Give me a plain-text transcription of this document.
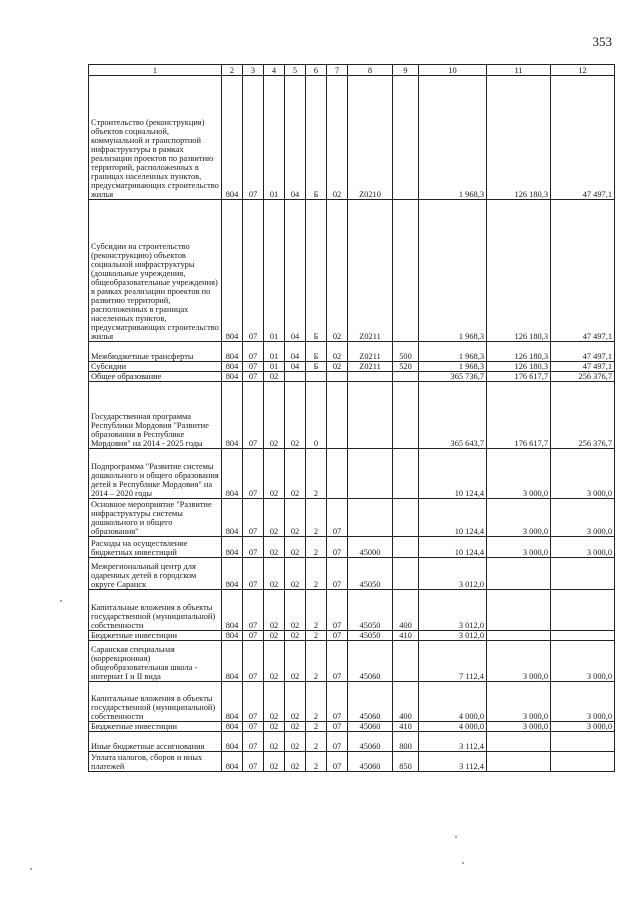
353
1	2	3	4	5	6	7	8	9	10	11	12
Строительство (реконструкция) объектов социальной, коммунальной и транспортной инфраструктуры в рамках реализации проектов по развитию территорий, расположенных в границах населенных пунктов, предусматривающих строительство жилья	804	07	01	04	Б	02	Z0210		1 968,3	126 180,3	47 497,1
Субсидии на строительство (реконструкцию) объектов социальной инфраструктуры (дошкольные учреждения, общеобразовательные учреждения) в рамках реализации проектов по развитию территорий, расположенных в границах населенных пунктов, предусматривающих строительство жилья	804	07	01	04	Б	02	Z0211		1 968,3	126 180,3	47 497,1
Межбюджетные трансферты	804	07	01	04	Б	02	Z0211	500	1 968,3	126 180,3	47 497,1
Субсидии	804	07	01	04	Б	02	Z0211	520	1 968,3	126 180,3	47 497,1
Общее образование	804	07	02						365 736,7	176 617,7	256 376,7
Государственная программа Республики Мордовия "Развитие образования в Республике Мордовия" на 2014 - 2025 годы	804	07	02	02	0				365 643,7	176 617,7	256 376,7
Подпрограмма "Развитие системы дошкольного и общего образования детей в Республике Мордовия" на 2014 – 2020 годы	804	07	02	02	2				10 124,4	3 000,0	3 000,0
Основное мероприятие "Развитие инфраструктуры системы дошкольного и общего образования"	804	07	02	02	2	07			10 124,4	3 000,0	3 000,0
Расходы на осуществление бюджетных инвестиций	804	07	02	02	2	07	45000		10 124,4	3 000,0	3 000,0
Межрегиональный центр для одаренных детей в городском округе Саранск	804	07	02	02	2	07	45050		3 012,0		
Капитальные вложения в объекты государственной (муниципальной) собственности	804	07	02	02	2	07	45050	400	3 012,0		
Бюджетные инвестиции	804	07	02	02	2	07	45050	410	3 012,0		
Саранская специальная (коррекционная) общеобразовательная школа - интернат I и II вида	804	07	02	02	2	07	45060		7 112,4	3 000,0	3 000,0
Капитальные вложения в объекты государственной (муниципальной) собственности	804	07	02	02	2	07	45060	400	4 000,0	3 000,0	3 000,0
Бюджетные инвестиции	804	07	02	02	2	07	45060	410	4 000,0	3 000,0	3 000,0
Иные бюджетные ассигнования	804	07	02	02	2	07	45060	800	3 112,4		
Уплата налогов, сборов и иных платежей	804	07	02	02	2	07	45060	850	3 112,4		
